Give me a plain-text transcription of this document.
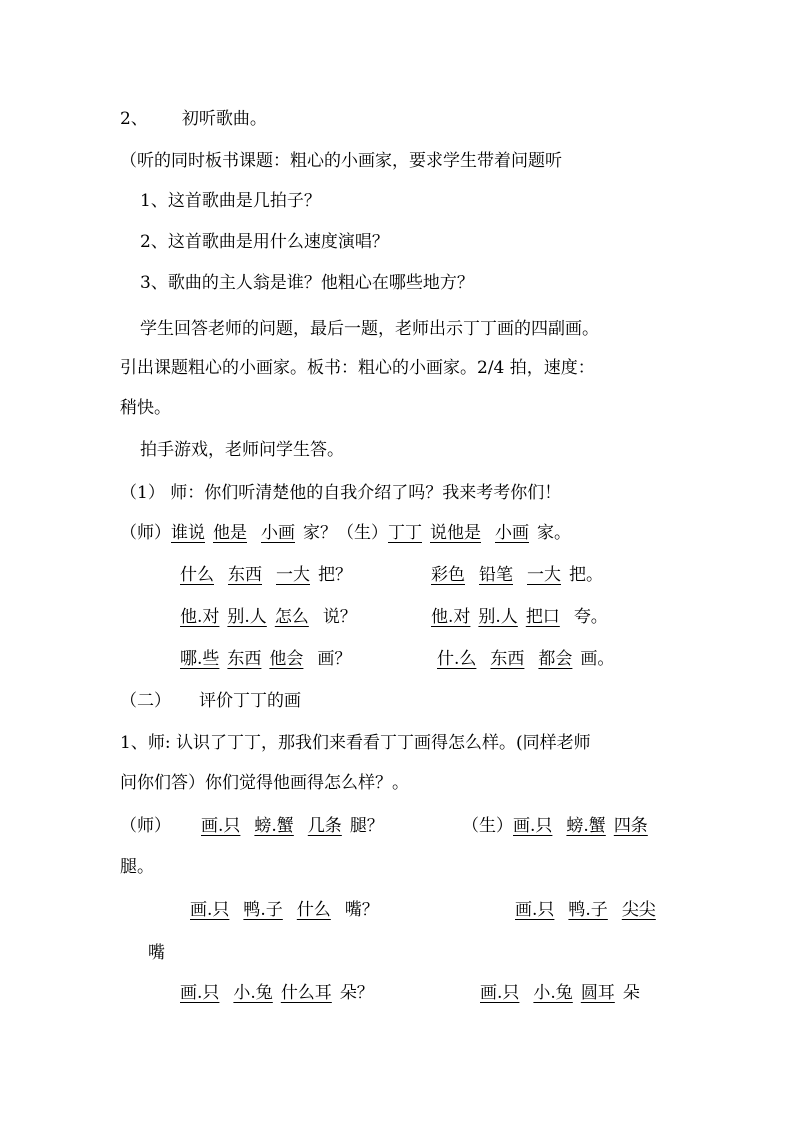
2、 初听歌曲。
（听的同时板书课题：粗心的小画家，要求学生带着问题听
1、这首歌曲是几拍子？
2、这首歌曲是用什么速度演唱？
3、歌曲的主人翁是谁？他粗心在哪些地方？
学生回答老师的问题，最后一题，老师出示丁丁画的四副画。
引出课题粗心的小画家。板书：粗心的小画家。2/4 拍，速度：
稍快。
拍手游戏，老师问学生答。
（1） 师：你们听清楚他的自我介绍了吗？我来考考你们！
（师）谁说 他是 小画 家？（生）丁丁 说他是 小画 家。
什么 东西 一大 把？	彩色 铅笔 一大 把。
他.对 别.人 怎么 说？	他.对 别.人 把口 夸。
哪.些 东西 他会 画？	什.么 东西 都会 画。
（二） 评价丁丁的画
1、师: 认识了丁丁，那我们来看看丁丁画得怎么样。(同样老师
问你们答）你们觉得他画得怎么样？。
（师） 画.只 螃.蟹 几条 腿？	（生）画.只 螃.蟹 四条
腿。
画.只 鸭.子 什么 嘴？	画.只 鸭.子 尖尖
嘴
画.只 小.兔 什么耳 朵？	画.只 小.兔 圆耳 朵
